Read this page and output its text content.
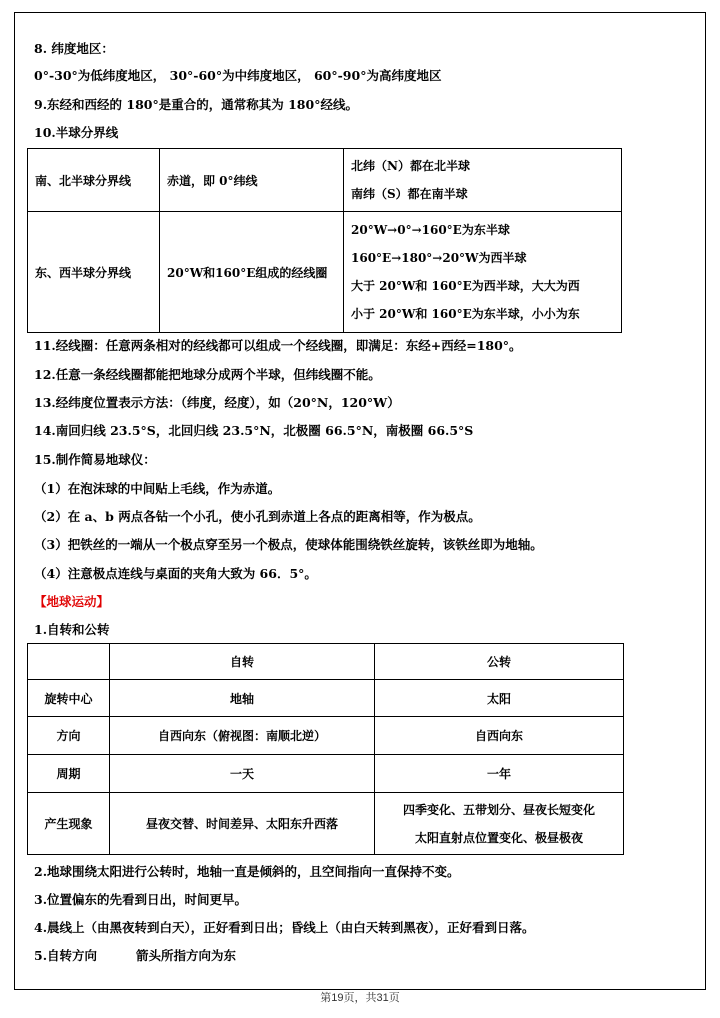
8. 纬度地区：
0°-30°为低纬度地区， 30°-60°为中纬度地区， 60°-90°为高纬度地区
9.东经和西经的 180°是重合的，通常称其为 180°经线。
10.半球分界线
南、北半球分界线	赤道，即 0°纬线	北纬（N）都在北半球
南纬（S）都在南半球

东、西半球分界线	20°W和160°E组成的经线圈	20°W→0°→160°E为东半球
160°E→180°→20°W为西半球
大于 20°W和 160°E为西半球，大大为西
小于 20°W和 160°E为东半球，小小为东
11.经线圈：任意两条相对的经线都可以组成一个经线圈，即满足：东经+西经=180°。
12.任意一条经线圈都能把地球分成两个半球，但纬线圈不能。
13.经纬度位置表示方法：（纬度，经度），如（20°N，120°W）
14.南回归线 23.5°S，北回归线 23.5°N，北极圈 66.5°N，南极圈 66.5°S
15.制作简易地球仪：
（1）在泡沫球的中间贴上毛线，作为赤道。
（2）在 a、b 两点各钻一个小孔，使小孔到赤道上各点的距离相等，作为极点。
（3）把铁丝的一端从一个极点穿至另一个极点，使球体能围绕铁丝旋转，该铁丝即为地轴。
（4）注意极点连线与桌面的夹角大致为 66．5°。
【地球运动】
1.自转和公转
	自转	公转
旋转中心	地轴	太阳
方向	自西向东（俯视图：南顺北逆）	自西向东
周期	一天	一年
产生现象	昼夜交替、时间差异、太阳东升西落	四季变化、五带划分、昼夜长短变化
太阳直射点位置变化、极昼极夜
2.地球围绕太阳进行公转时，地轴一直是倾斜的，且空间指向一直保持不变。
3.位置偏东的先看到日出，时间更早。
4.晨线上（由黑夜转到白天），正好看到日出；昏线上（由白天转到黑夜），正好看到日落。
5.自转方向	箭头所指方向为东
第19页，共31页
